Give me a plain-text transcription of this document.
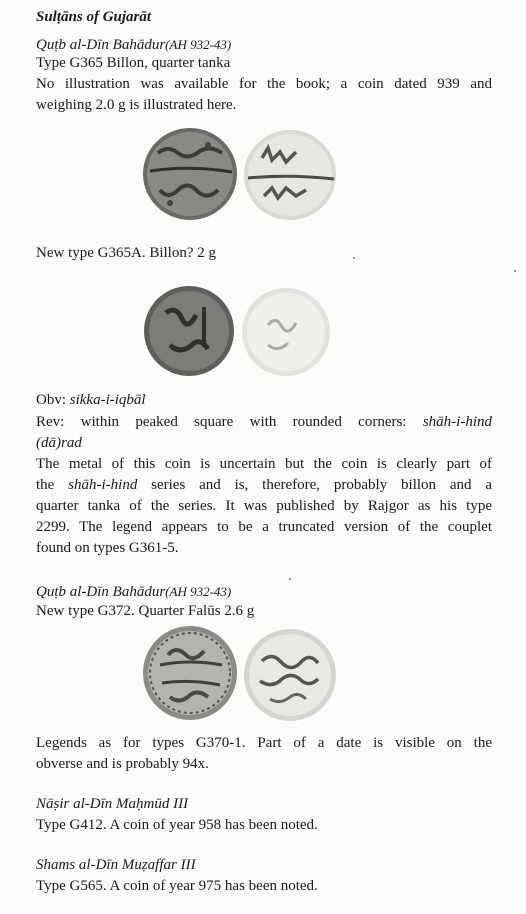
Sulṭāns of Gujarāt
Quṭb al-Dīn Bahādur(AH 932-43)
Type G365 Billon, quarter tanka
No illustration was available for the book; a coin dated 939 and
weighing 2.0 g is illustrated here.
New type G365A. Billon? 2 g
Obv: sikka-i-iqbāl
Rev: within peaked square with rounded corners: shāh-i-hind
(dā)rad
The metal of this coin is uncertain but the coin is clearly part of
the shāh-i-hind series and is, therefore, probably billon and a
quarter tanka of the series. It was published by Rajgor as his type
2299. The legend appears to be a truncated version of the couplet
found on types G361-5.
Quṭb al-Dīn Bahādur(AH 932-43)
New type G372. Quarter Falūs 2.6 g
Legends as for types G370-1. Part of a date is visible on the
obverse and is probably 94x.
Nāṣir al-Dīn Maḥmūd III
Type G412. A coin of year 958 has been noted.
Shams al-Dīn Muẓaffar III
Type G565. A coin of year 975 has been noted.
